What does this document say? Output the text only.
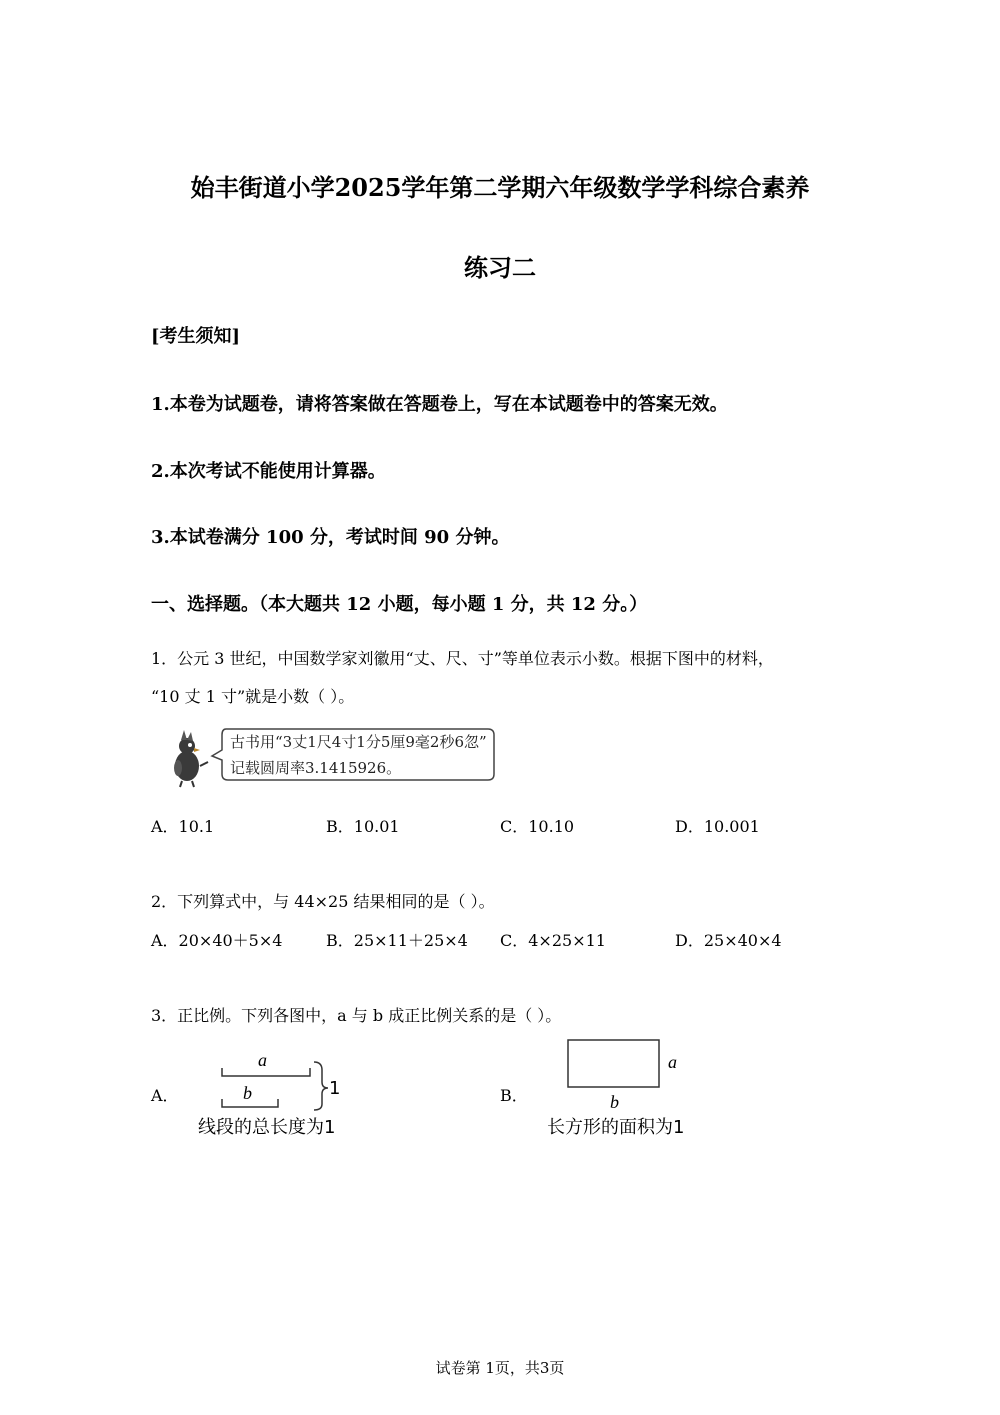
始丰街道小学2025学年第二学期六年级数学学科综合素养
练习二
[考生须知]
1.本卷为试题卷，请将答案做在答题卷上，写在本试题卷中的答案无效。
2.本次考试不能使用计算器。
3.本试卷满分 100 分，考试时间 90 分钟。
一、选择题。（本大题共 12 小题，每小题 1 分，共 12 分。）
1．公元 3 世纪，中国数学家刘徽用“丈、尺、寸”等单位表示小数。根据下图中的材料，
“10 丈 1 寸”就是小数（ ）。
古书用“3丈1尺4寸1分5厘9毫2秒6忽”
记载圆周率3.1415926。
A．10.1	B．10.01	C．10.10	D．10.001
2．下列算式中，与 44×25 结果相同的是（ ）。
A．20×40＋5×4	B．25×11＋25×4 C．4×25×11	D．25×40×4
3．正比例。下列各图中，a 与 b 成正比例关系的是（ ）。
A．
a
b	1
线段的总长度为1
B．
a
b
长方形的面积为1
试卷第 1页，共3页
